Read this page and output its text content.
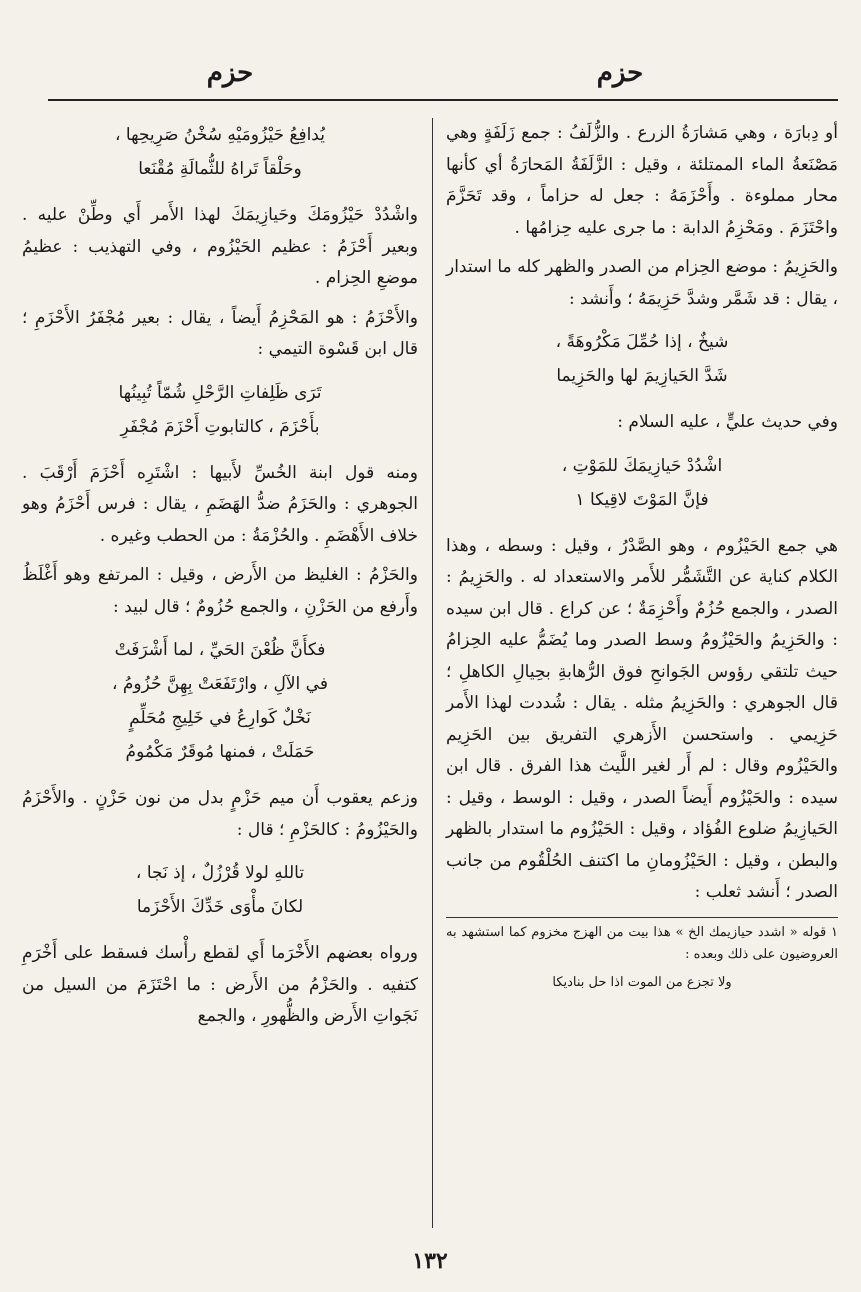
حزم
حزم

أو دِبارَة ، وهي مَشارَةُ الزرع . والزُّلَفُ : جمع زَلَفَةٍ وهي مَصْنَعةُ الماء الممتلئة ، وقيل : الزَّلَفَةُ المَحارَةُ أي كأنها محار مملوءة . وأَحْزَمَهُ : جعل له حزاماً ، وقد تَحَزَّمَ واحْتَزَمَ . ومَحْزِمُ الدابة : ما جرى عليه حِزامُها .

والحَزِيمُ : موضع الحِزام من الصدر والظهر كله ما استدار ، يقال : قد شَمَّر وشدَّ حَزِيمَهُ ؛ وأَنشد :

شيخٌ ، إذا حُمِّلَ مَكْرُوهَةً ،
شَدَّ الحَيازِيمَ لها والحَزِيما

وفي حديث عليٍّ ، عليه السلام :

اشْدُدْ حَيازِيمَكَ للمَوْتِ ،
فإنَّ المَوْتَ لاقِيكا ١

هي جمع الحَيْزُوم ، وهو الصَّدْرُ ، وقيل : وسطه ، وهذا الكلام كناية عن التَّشَمُّر للأَمر والاستعداد له . والحَزِيمُ : الصدر ، والجمع حُزُمٌ وأَحْزِمَةٌ ؛ عن كراع . قال ابن سيده : والحَزِيمُ والحَيْزُومُ وسط الصدر وما يُضَمُّ عليه الحِزامُ حيث تلتقي رؤوس الجَوانحِ فوق الرُّهابةِ بحِيالِ الكاهلِ ؛ قال الجوهري : والحَزِيمُ مثله . يقال : شُددت لهذا الأَمر حَزِيمي . واستحسن الأَزهري التفريق بين الحَزِيم والحَيْزُوم وقال : لم أَر لغير اللَّيث هذا الفرق . قال ابن سيده : والحَيْزُوم أَيضاً الصدر ، وقيل : الوسط ، وقيل : الحَيازِيمُ ضلوع الفُؤاد ، وقيل : الحَيْزُوم ما استدار بالظهر والبطن ، وقيل : الحَيْزُومانِ ما اكتنف الحُلْقُوم من جانب الصدر ؛ أَنشد ثعلب :

١ قوله « اشدد حيازيمك الخ » هذا بيت من الهزج مخزوم كما استشهد به العروضيون على ذلك وبعده :
ولا تجزع من الموت اذا حل بناديكا
يُدافِعُ حَيْزُومَيْهِ سُخْنُ صَرِيحِها ،
وحَلْقاً تَراهُ للثُّمالَةِ مُقْنَعا

واشْدُدْ حَيْزُومَكَ وحَيازِيمَكَ لهذا الأَمر أَي وطِّنْ عليه . وبعير أَحْزَمُ : عظيم الحَيْزُوم ، وفي التهذيب : عظيمُ موضعِ الحِزام .

والأَحْزَمُ : هو المَحْزِمُ أَيضاً ، يقال : بعير مُجْفَرُ الأَحْزَمِ ؛ قال ابن قَسْوة التيمي :

تَرَى ظَلِفاتِ الرَّحْلِ شُمّاً تُبِينُها
بأَحْزَمَ ، كالتابوتِ أَحْزَمَ مُجْفَرِ

ومنه قول ابنة الخُسِّ لأَبيها : اشْتَرِه أَحْزَمَ أَرْقَبَ . الجوهري : والحَزَمُ ضدُّ الهَضَمِ ، يقال : فرس أَحْزَمُ وهو خلاف الأَهْضَمِ . والحُزْمَةُ : من الحطب وغيره .

والحَزْمُ : الغليظ من الأَرض ، وقيل : المرتفع وهو أَغْلَظُ وأَرفع من الحَزْنِ ، والجمع حُزُومٌ ؛ قال لبيد :

فكأَنَّ ظُعْنَ الحَيِّ ، لما أَشْرَفَتْ
في الآلِ ، وارْتَفَعَتْ بِهِنَّ حُزُومُ ،
نَخْلٌ كَوارِعُ في خَلِيجِ مُحَلِّمٍ
حَمَلَتْ ، فمنها مُوقَرٌ مَكْمُومُ

وزعم يعقوب أَن ميم حَزْمٍ بدل من نون حَزْنٍ . والأَحْزَمُ والحَيْزُومُ : كالحَزْمِ ؛ قال :

تاللهِ لولا قُرْزُلٌ ، إذ نَجا ،
لكانَ مأْوَى خَدِّكَ الأَحْزَما

ورواه بعضهم الأَخْرَما أَي لقطع رأْسك فسقط على أَخْرَمِ كتفيه . والحَزْمُ من الأَرض : ما احْتَزَمَ من السيل من نَجَواتِ الأَرض والظُّهورِ ، والجمع

١٣٢
